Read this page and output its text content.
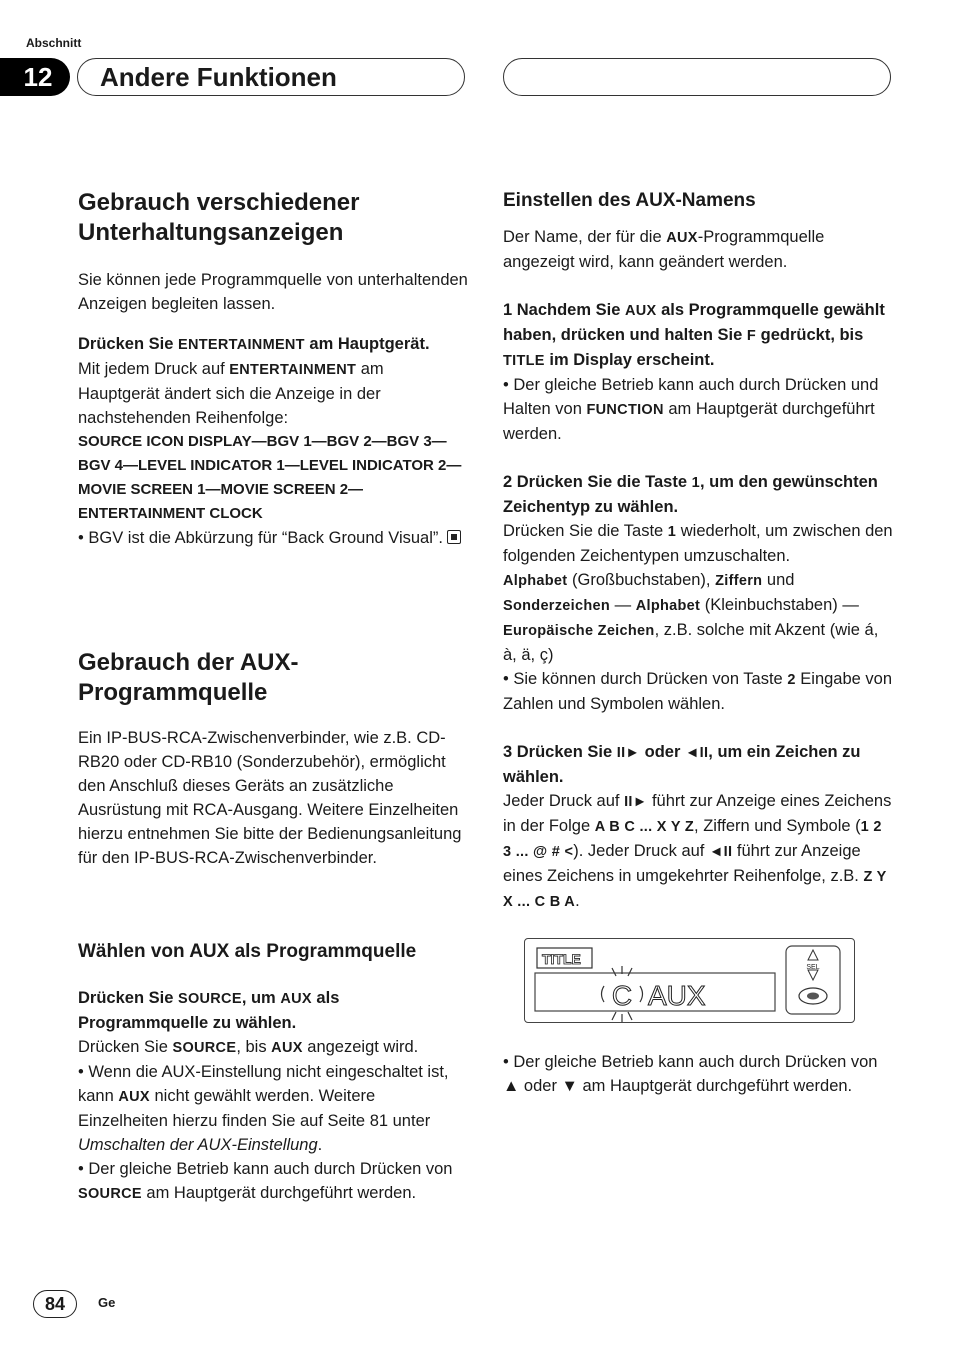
Abschnitt
12	Andere Funktionen
Gebrauch verschiedener
Unterhaltungsanzeigen

Sie können jede Programmquelle von unterhaltenden Anzeigen begleiten lassen.

Drücken Sie ENTERTAINMENT am Hauptgerät.

Mit jedem Druck auf ENTERTAINMENT am Hauptgerät ändert sich die Anzeige in der nachstehenden Reihenfolge:

SOURCE ICON DISPLAY—BGV 1—BGV 2—BGV 3—BGV 4—LEVEL INDICATOR 1—LEVEL INDICATOR 2—MOVIE SCREEN 1—MOVIE SCREEN 2—ENTERTAINMENT CLOCK

• BGV ist die Abkürzung für “Back Ground Visual”.

Gebrauch der AUX-
Programmquelle

Ein IP-BUS-RCA-Zwischenverbinder, wie z.B. CD-RB20 oder CD-RB10 (Sonderzubehör), ermöglicht den Anschluß dieses Geräts an zusätzliche Ausrüstung mit RCA-Ausgang. Weitere Einzelheiten hierzu entnehmen Sie bitte der Bedienungsanleitung für den IP-BUS-RCA-Zwischenverbinder.

Wählen von AUX als Programmquelle

Drücken Sie SOURCE, um AUX als Programmquelle zu wählen.

Drücken Sie SOURCE, bis AUX angezeigt wird.

• Wenn die AUX-Einstellung nicht eingeschaltet ist, kann AUX nicht gewählt werden. Weitere Einzelheiten hierzu finden Sie auf Seite 81 unter Umschalten der AUX-Einstellung.

• Der gleiche Betrieb kann auch durch Drücken von SOURCE am Hauptgerät durchgeführt werden.

Einstellen des AUX-Namens

Der Name, der für die AUX-Programmquelle angezeigt wird, kann geändert werden.

1 Nachdem Sie AUX als Programmquelle gewählt haben, drücken und halten Sie F gedrückt, bis TITLE im Display erscheint.

• Der gleiche Betrieb kann auch durch Drücken und Halten von FUNCTION am Hauptgerät durchgeführt werden.

2 Drücken Sie die Taste 1, um den gewünschten Zeichentyp zu wählen.

Drücken Sie die Taste 1 wiederholt, um zwischen den folgenden Zeichentypen umzuschalten.

Alphabet (Großbuchstaben), Ziffern und Sonderzeichen — Alphabet (Kleinbuchstaben) — Europäische Zeichen, z.B. solche mit Akzent (wie á, à, ä, ç)

• Sie können durch Drücken von Taste 2 Eingabe von Zahlen und Symbolen wählen.

3 Drücken Sie II► oder ◄II, um ein Zeichen zu wählen.

Jeder Druck auf II► führt zur Anzeige eines Zeichens in der Folge A B C ... X Y Z, Ziffern und Symbole (1 2 3 ... @ # <). Jeder Druck auf ◄II führt zur Anzeige eines Zeichens in umgekehrter Reihenfolge, z.B. Z Y X ... C B A.

TITLE
C AUX
SEL

• Der gleiche Betrieb kann auch durch Drücken von ▲ oder ▼ am Hauptgerät durchgeführt werden.

84	Ge
